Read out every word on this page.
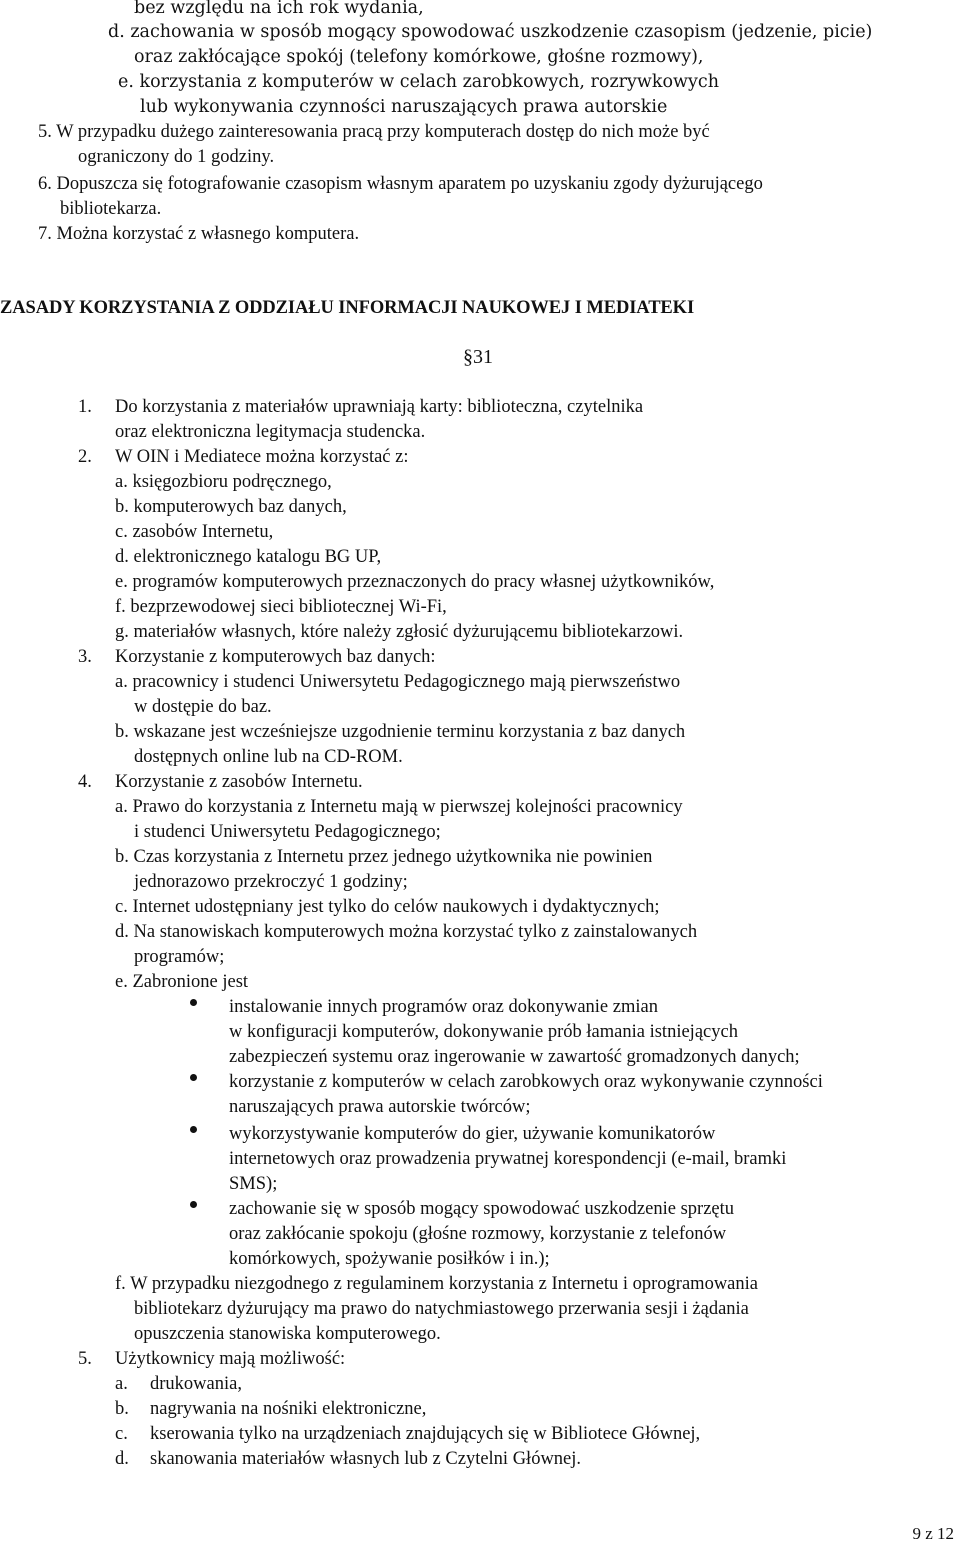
bez względu na ich rok wydania,
d. zachowania w sposób mogący spowodować uszkodzenie czasopism (jedzenie, picie)
oraz zakłócające spokój (telefony komórkowe, głośne rozmowy),
e. korzystania z komputerów w celach zarobkowych, rozrywkowych
lub wykonywania czynności naruszających prawa autorskie
5. W przypadku dużego zainteresowania pracą przy komputerach dostęp do nich może być
ograniczony do 1 godziny.
6. Dopuszcza się fotografowanie czasopism własnym aparatem po uzyskaniu zgody dyżurującego
bibliotekarza.
7. Można korzystać z własnego komputera.
ZASADY KORZYSTANIA Z ODDZIAŁU INFORMACJI NAUKOWEJ I MEDIATEKI
§31
1. Do korzystania z materiałów uprawniają karty: biblioteczna, czytelnika
oraz elektroniczna legitymacja studencka.
2. W OIN i Mediatece można korzystać z:
a. księgozbioru podręcznego,
b. komputerowych baz danych,
c. zasobów Internetu,
d. elektronicznego katalogu BG UP,
e. programów komputerowych przeznaczonych do pracy własnej użytkowników,
f. bezprzewodowej sieci bibliotecznej Wi-Fi,
g. materiałów własnych, które należy zgłosić dyżurującemu bibliotekarzowi.
3. Korzystanie z komputerowych baz danych:
a. pracownicy i studenci Uniwersytetu Pedagogicznego mają pierwszeństwo
w dostępie do baz.
b. wskazane jest wcześniejsze uzgodnienie terminu korzystania z baz danych
dostępnych online lub na CD-ROM.
4. Korzystanie z zasobów Internetu.
a. Prawo do korzystania z Internetu mają w pierwszej kolejności pracownicy
i studenci Uniwersytetu Pedagogicznego;
b. Czas korzystania z Internetu przez jednego użytkownika nie powinien
jednorazowo przekroczyć 1 godziny;
c. Internet udostępniany jest tylko do celów naukowych i dydaktycznych;
d. Na stanowiskach komputerowych można korzystać tylko z zainstalowanych
programów;
e. Zabronione jest
instalowanie innych programów oraz dokonywanie zmian
w konfiguracji komputerów, dokonywanie prób łamania istniejących
zabezpieczeń systemu oraz ingerowanie w zawartość gromadzonych danych;
korzystanie z komputerów w celach zarobkowych oraz wykonywanie czynności
naruszających prawa autorskie twórców;
wykorzystywanie komputerów do gier, używanie komunikatorów
internetowych oraz prowadzenia prywatnej korespondencji (e-mail, bramki
SMS);
zachowanie się w sposób mogący spowodować uszkodzenie sprzętu
oraz zakłócanie spokoju (głośne rozmowy, korzystanie z telefonów
komórkowych, spożywanie posiłków i in.);
f. W przypadku niezgodnego z regulaminem korzystania z Internetu i oprogramowania
bibliotekarz dyżurujący ma prawo do natychmiastowego przerwania sesji i żądania
opuszczenia stanowiska komputerowego.
5. Użytkownicy mają możliwość:
a. drukowania,
b. nagrywania na nośniki elektroniczne,
c. kserowania tylko na urządzeniach znajdujących się w Bibliotece Głównej,
d. skanowania materiałów własnych lub z Czytelni Głównej.
9 z 12
